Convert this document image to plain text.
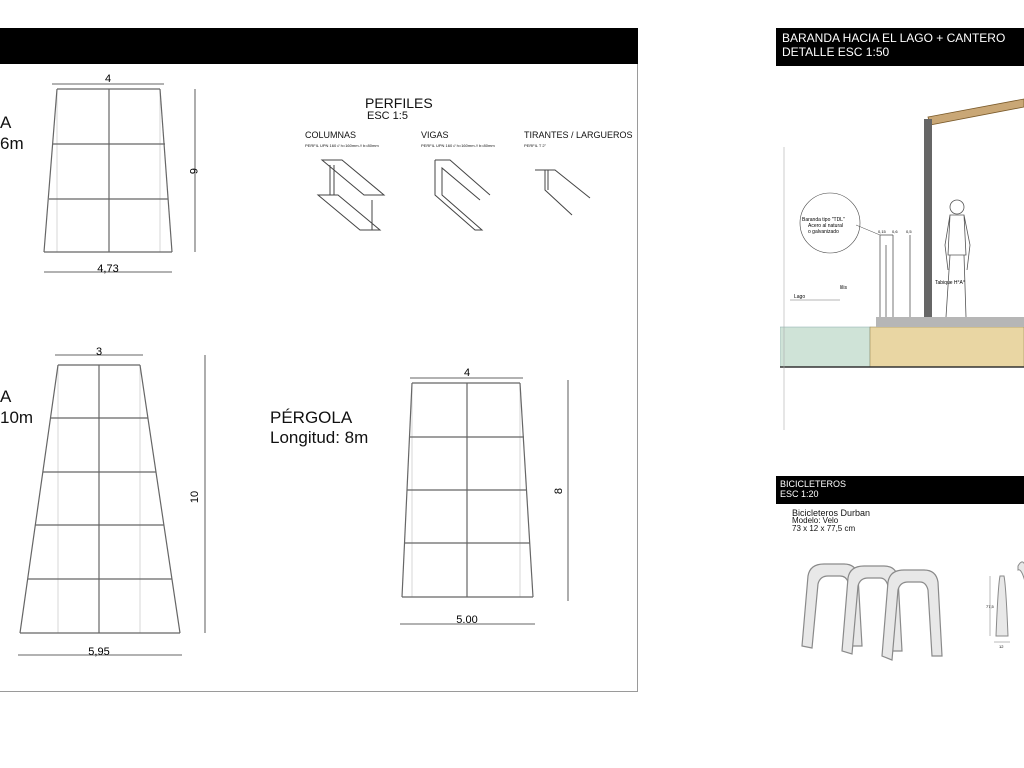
4
6
4,73
A
6m
PERFILES
ESC 1:5
COLUMNAS
PERFIL UPN 160 // h=160mm // b=80mm
VIGAS
PERFIL UPN 160 // h=160mm // b=80mm
TIRANTES / LARGUEROS
PERFIL T 2"
3
10
5,95
A
10m	PÉRGOLA
Longitud: 8m
4
8
5.00
BARANDA HACIA EL LAGO + CANTERO
DETALLE ESC 1:50
Baranda tipo "TDL"
Acero al natural
o galvanizado
Lago
lilis
Tabique H°A°
0,15 0,6 0,5
BICICLETEROS
ESC 1:20
Bicicleteros Durban
Modelo: Velo
73 x 12 x 77,5 cm
77,5
12
